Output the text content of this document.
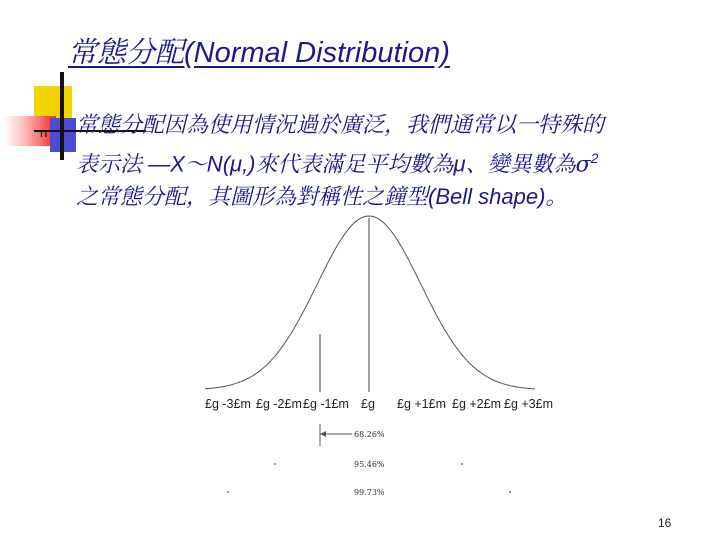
常態分配(Normal Distribution)
n 常態分配因為使用情況過於廣泛，我們通常以一特殊的
表示法 —X～N(μ,)來代表滿足平均數為μ、變異數為$\sigma^2$
之常態分配，其圖形為對稱性之鐘型(Bell shape)。
£g -3£m £g -2£m £g -1£m £g £g +1£m £g +2£m £g +3£m
68.26%
95.46%
99.73%
16
